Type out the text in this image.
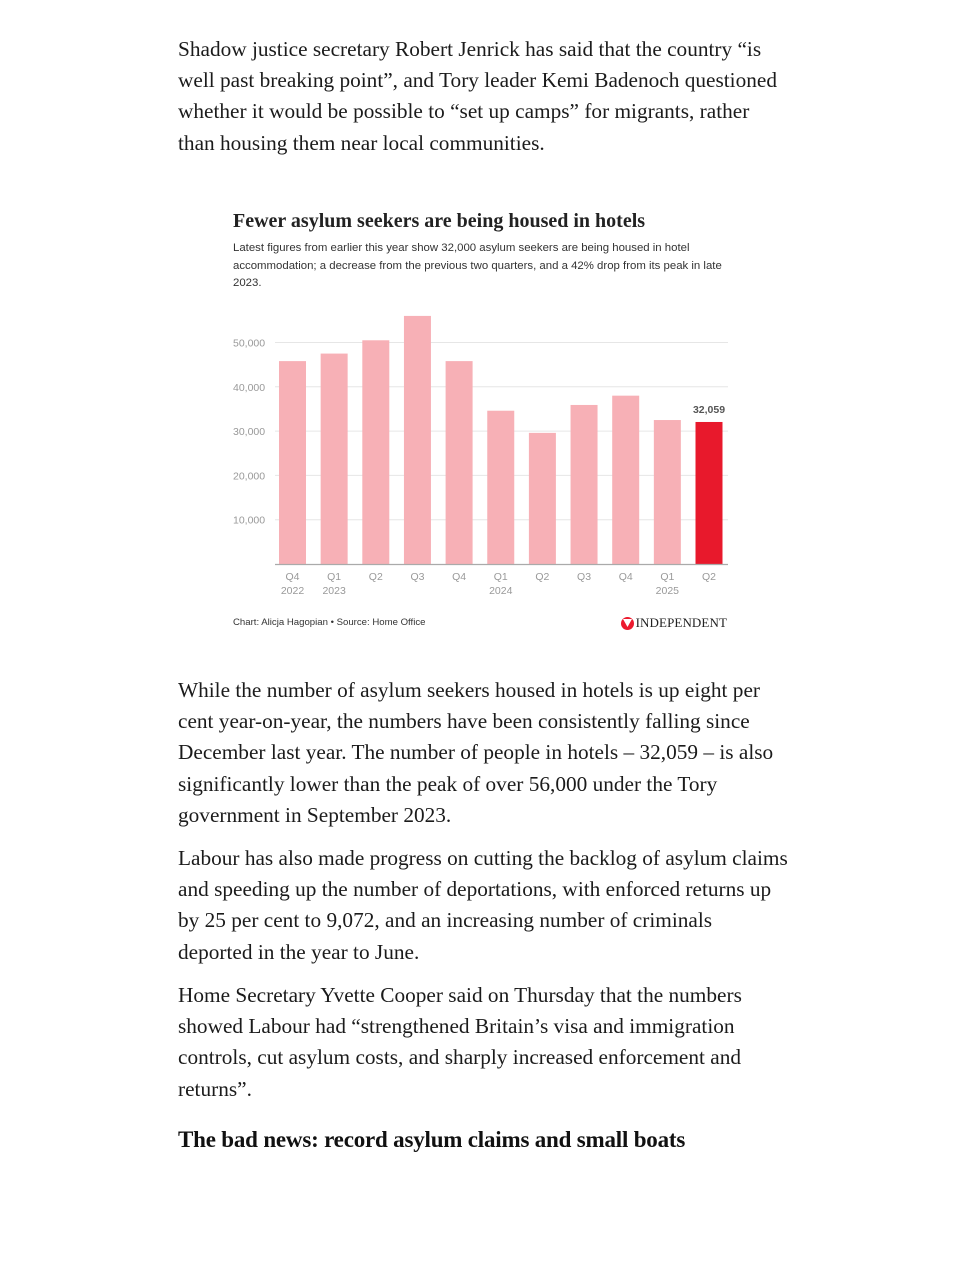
Shadow justice secretary Robert Jenrick has said that the country “is well past breaking point”, and Tory leader Kemi Badenoch questioned whether it would be possible to “set up camps” for migrants, rather than housing them near local communities.

While the number of asylum seekers housed in hotels is up eight per cent year-on-year, the numbers have been consistently falling since December last year. The number of people in hotels – 32,059 – is also significantly lower than the peak of over 56,000 under the Tory government in September 2023.

Labour has also made progress on cutting the backlog of asylum claims and speeding up the number of deportations, with enforced returns up by 25 per cent to 9,072, and an increasing number of criminals deported in the year to June.

Home Secretary Yvette Cooper said on Thursday that the numbers showed Labour had “strengthened Britain’s visa and immigration controls, cut asylum costs, and sharply increased enforcement and returns”.

The bad news: record asylum claims and small boats
Fewer asylum seekers are being housed in hotels

Latest figures from earlier this year show 32,000 asylum seekers are being housed in hotel accommodation; a decrease from the previous two quarters, and a 42% drop from its peak in late 2023.

10,000
20,000
30,000
40,000
50,000
Q4
2022
Q1
2023
Q2	Q3	Q4	Q1
2024
Q2	Q3	Q4	Q1
2025
Q2
32,059
Chart: Alicja Hagopian • Source: Home Office	INDEPENDENT
